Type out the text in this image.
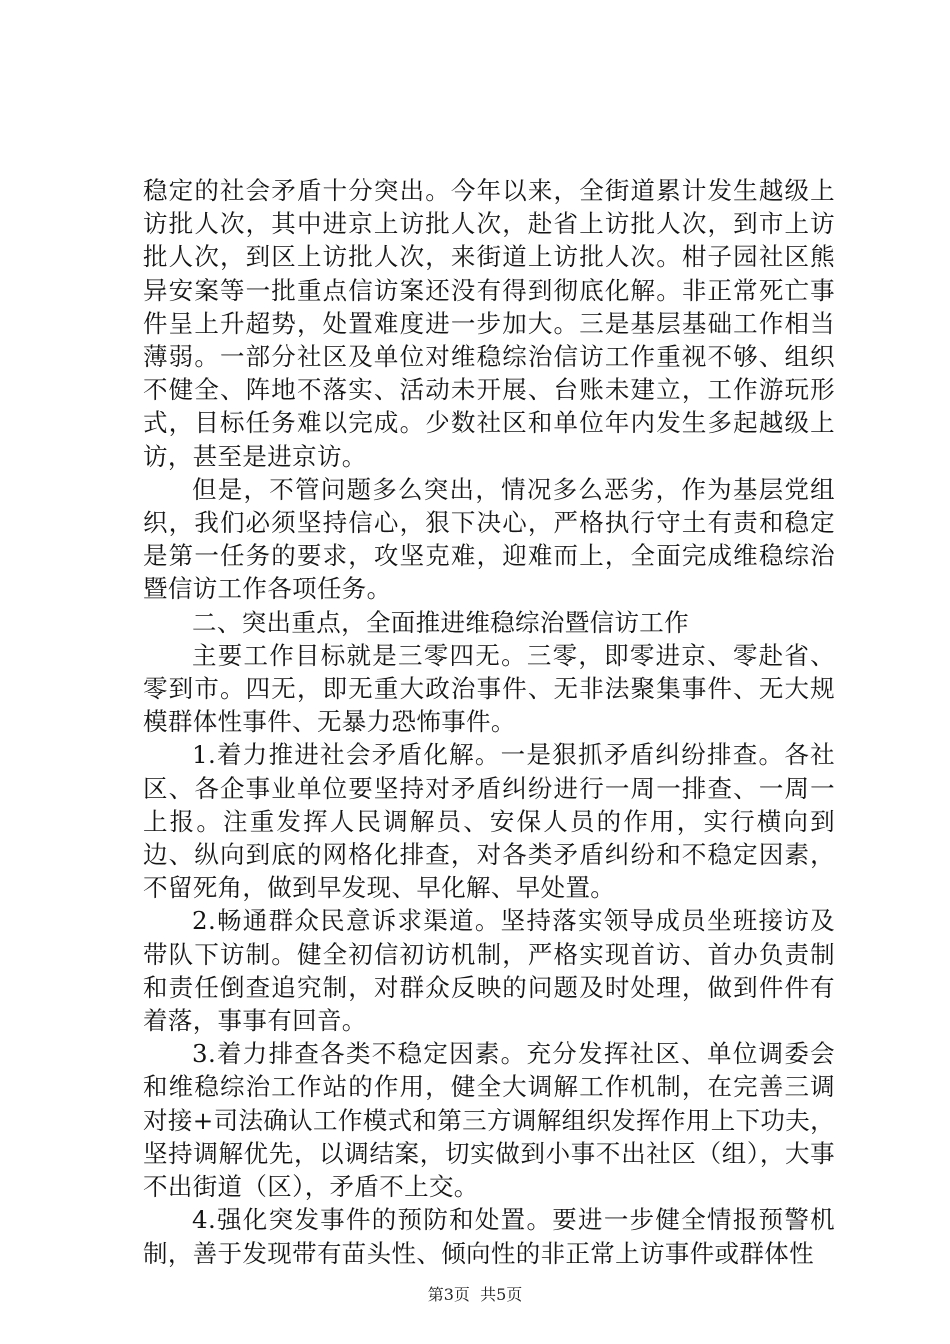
稳定的社会矛盾十分突出。今年以来，全街道累计发生越级上访批人次，其中进京上访批人次，赴省上访批人次，到市上访批人次，到区上访批人次，来街道上访批人次。柑子园社区熊异安案等一批重点信访案还没有得到彻底化解。非正常死亡事件呈上升超势，处置难度进一步加大。三是基层基础工作相当薄弱。一部分社区及单位对维稳综治信访工作重视不够、组织不健全、阵地不落实、活动未开展、台账未建立，工作游玩形式，目标任务难以完成。少数社区和单位年内发生多起越级上访，甚至是进京访。

但是，不管问题多么突出，情况多么恶劣，作为基层党组织，我们必须坚持信心，狠下决心，严格执行守土有责和稳定是第一任务的要求，攻坚克难，迎难而上，全面完成维稳综治暨信访工作各项任务。

二、突出重点，全面推进维稳综治暨信访工作

主要工作目标就是三零四无。三零，即零进京、零赴省、零到市。四无，即无重大政治事件、无非法聚集事件、无大规模群体性事件、无暴力恐怖事件。

1.着力推进社会矛盾化解。一是狠抓矛盾纠纷排查。各社区、各企事业单位要坚持对矛盾纠纷进行一周一排查、一周一上报。注重发挥人民调解员、安保人员的作用，实行横向到边、纵向到底的网格化排查，对各类矛盾纠纷和不稳定因素，不留死角，做到早发现、早化解、早处置。

2.畅通群众民意诉求渠道。坚持落实领导成员坐班接访及带队下访制。健全初信初访机制，严格实现首访、首办负责制和责任倒查追究制，对群众反映的问题及时处理，做到件件有着落，事事有回音。

3.着力排查各类不稳定因素。充分发挥社区、单位调委会和维稳综治工作站的作用，健全大调解工作机制，在完善三调对接+司法确认工作模式和第三方调解组织发挥作用上下功夫，坚持调解优先，以调结案，切实做到小事不出社区（组），大事不出街道（区），矛盾不上交。

4.强化突发事件的预防和处置。要进一步健全情报预警机制，善于发现带有苗头性、倾向性的非正常上访事件或群体性

第3页  共5页
